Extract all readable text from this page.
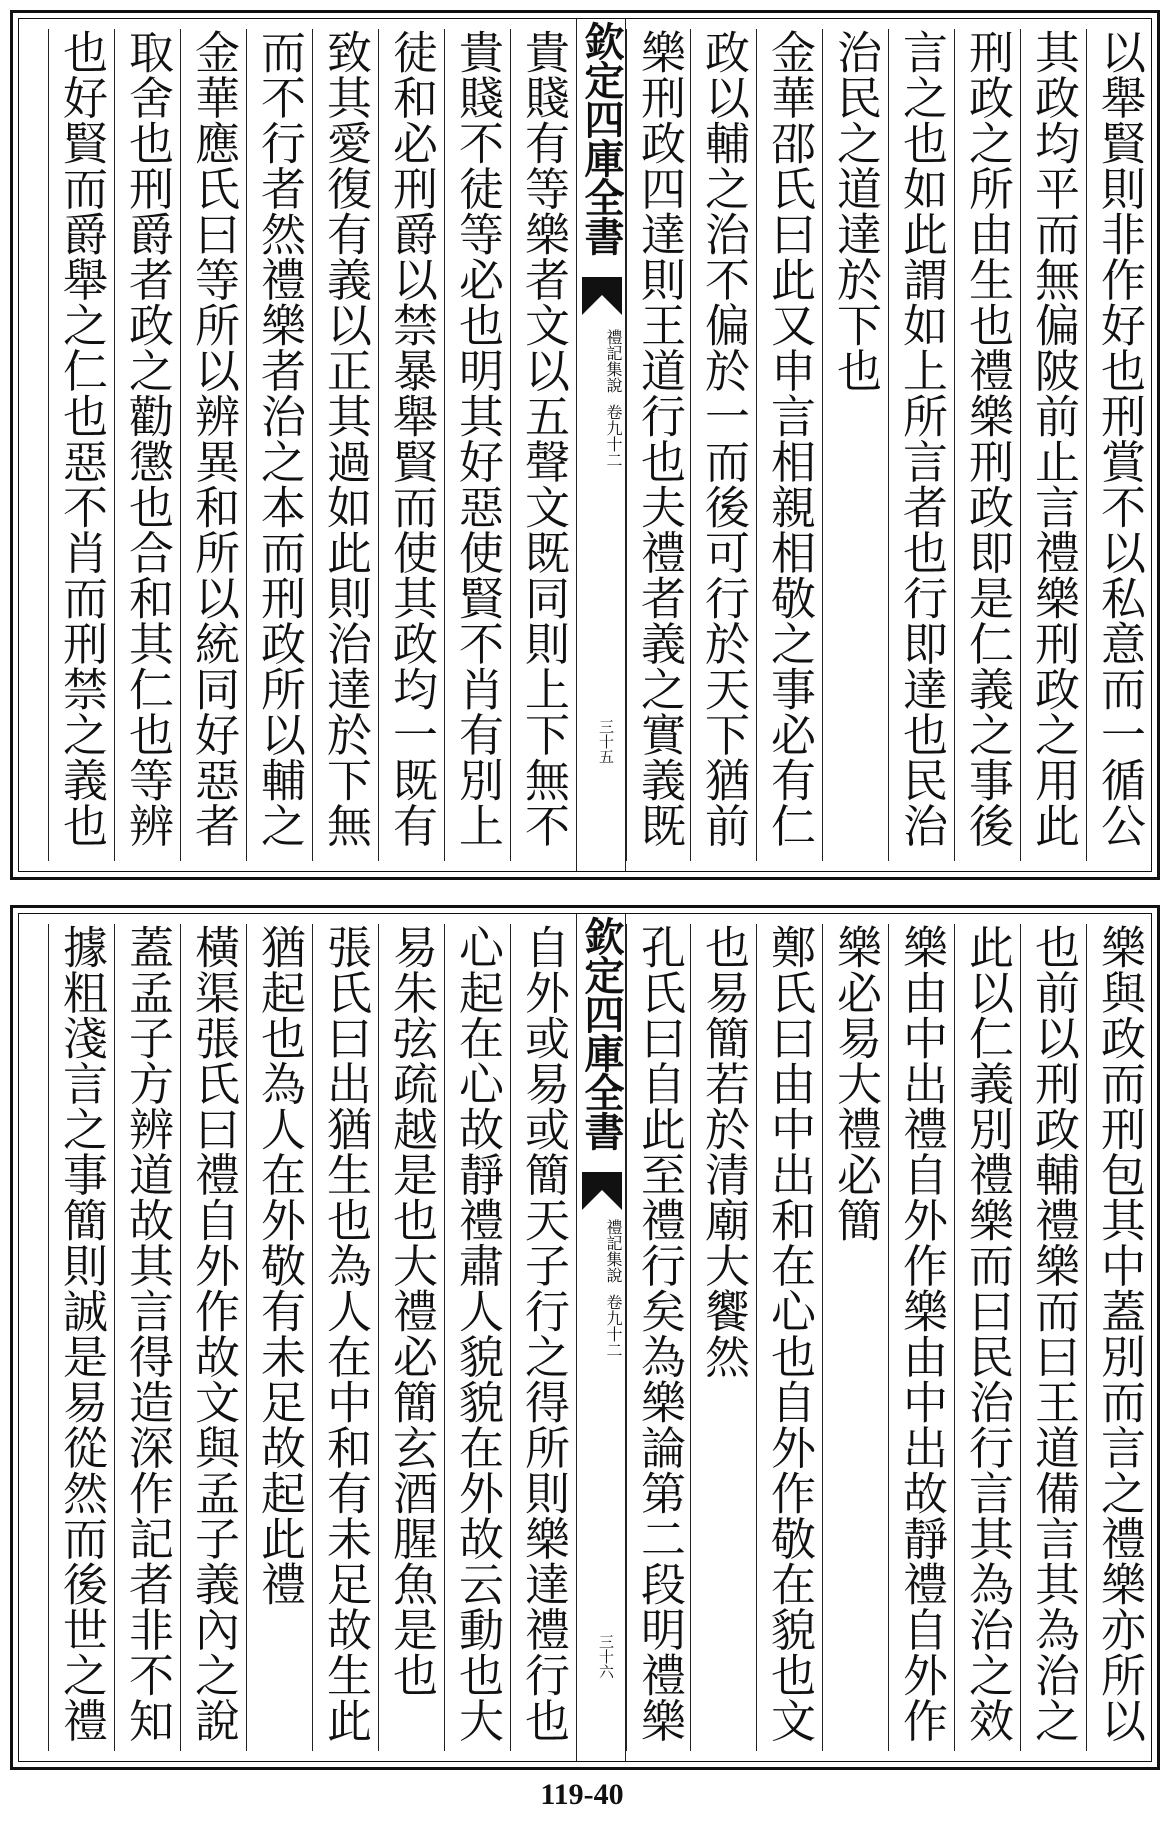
以舉賢則非作好也刑賞不以私意而一循公
其政均平而無偏陂前止言禮樂刑政之用此
刑政之所由生也禮樂刑政即是仁義之事後
言之也如此謂如上所言者也行即達也民治
治民之道達於下也
金華邵氏曰此又申言相親相敬之事必有仁
政以輔之治不偏於一而後可行於天下猶前
樂刑政四達則王道行也夫禮者義之實義既
欽定四庫全書
禮記集說
卷九十二
三十五
貴賤有等樂者文以五聲文既同則上下無不
貴賤不徒等必也明其好惡使賢不肖有別上
徒和必刑爵以禁暴舉賢而使其政均一既有
致其愛復有義以正其過如此則治達於下無
而不行者然禮樂者治之本而刑政所以輔之
金華應氏曰等所以辨異和所以統同好惡者
取舍也刑爵者政之勸懲也合和其仁也等辨
也好賢而爵舉之仁也惡不肖而刑禁之義也
樂與政而刑包其中蓋別而言之禮樂亦所以
也前以刑政輔禮樂而曰王道備言其為治之
此以仁義別禮樂而曰民治行言其為治之效
樂由中出禮自外作樂由中出故靜禮自外作
樂必易大禮必簡
鄭氏曰由中出和在心也自外作敬在貌也文
也易簡若於清廟大饗然
孔氏曰自此至禮行矣為樂論第二段明禮樂
欽定四庫全書
禮記集說
卷九十二
三十六
自外或易或簡天子行之得所則樂達禮行也
心起在心故靜禮肅人貌貌在外故云動也大
易朱弦疏越是也大禮必簡玄酒腥魚是也
張氏曰出猶生也為人在中和有未足故生此
猶起也為人在外敬有未足故起此禮
橫渠張氏曰禮自外作故文與孟子義內之說
蓋孟子方辨道故其言得造深作記者非不知
據粗淺言之事簡則誠是易從然而後世之禮
119-40
